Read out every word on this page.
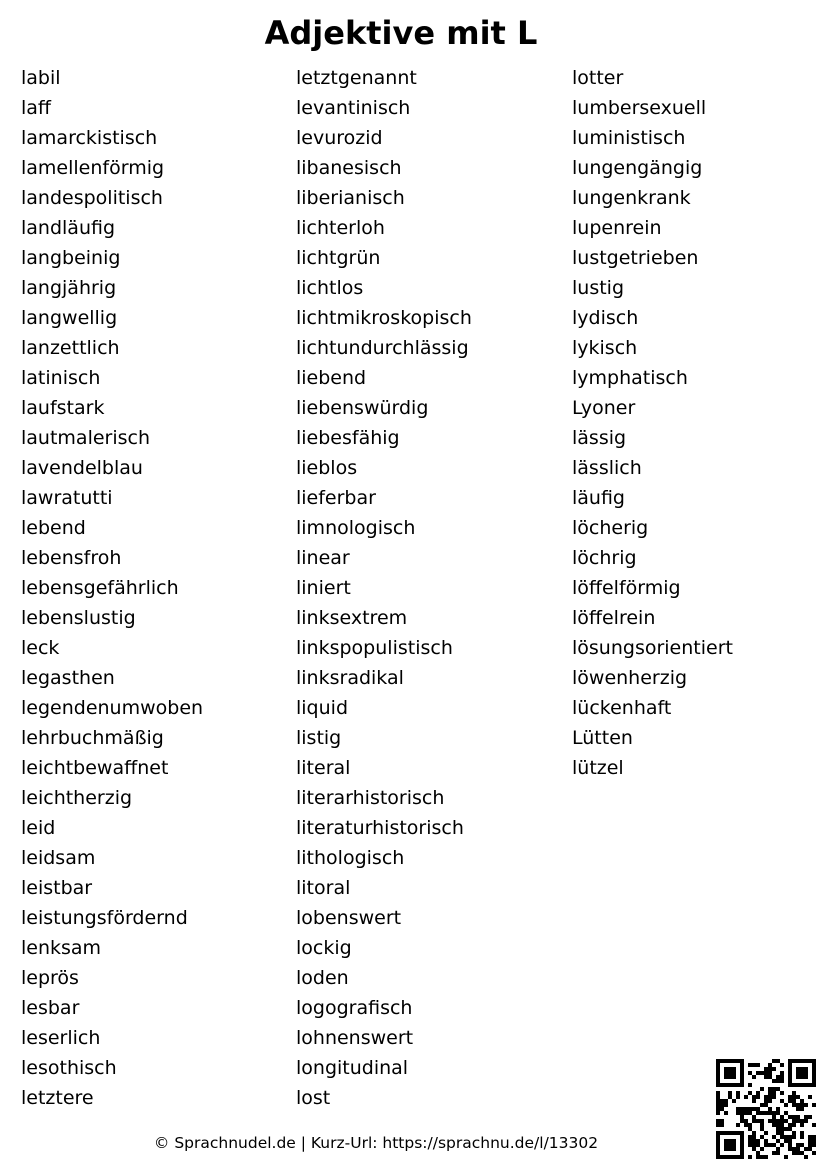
Adjektive mit L
labil
laff
lamarckistisch
lamellenförmig
landespolitisch
landläufig
langbeinig
langjährig
langwellig
lanzettlich
latinisch
laufstark
lautmalerisch
lavendelblau
lawratutti
lebend
lebensfroh
lebensgefährlich
lebenslustig
leck
legasthen
legendenumwoben
lehrbuchmäßig
leichtbewaffnet
leichtherzig
leid
leidsam
leistbar
leistungsfördernd
lenksam
leprös
lesbar
leserlich
lesothisch
letztere
letztgenannt
levantinisch
levurozid
libanesisch
liberianisch
lichterloh
lichtgrün
lichtlos
lichtmikroskopisch
lichtundurchlässig
liebend
liebenswürdig
liebesfähig
lieblos
lieferbar
limnologisch
linear
liniert
linksextrem
linkspopulistisch
linksradikal
liquid
listig
literal
literarhistorisch
literaturhistorisch
lithologisch
litoral
lobenswert
lockig
loden
logografisch
lohnenswert
longitudinal
lost
lotter
lumbersexuell
luministisch
lungengängig
lungenkrank
lupenrein
lustgetrieben
lustig
lydisch
lykisch
lymphatisch
Lyoner
lässig
lässlich
läufig
löcherig
löchrig
löffelförmig
löffelrein
lösungsorientiert
löwenherzig
lückenhaft
Lütten
lützel
© Sprachnudel.de | Kurz-Url: https://sprachnu.de/l/13302
